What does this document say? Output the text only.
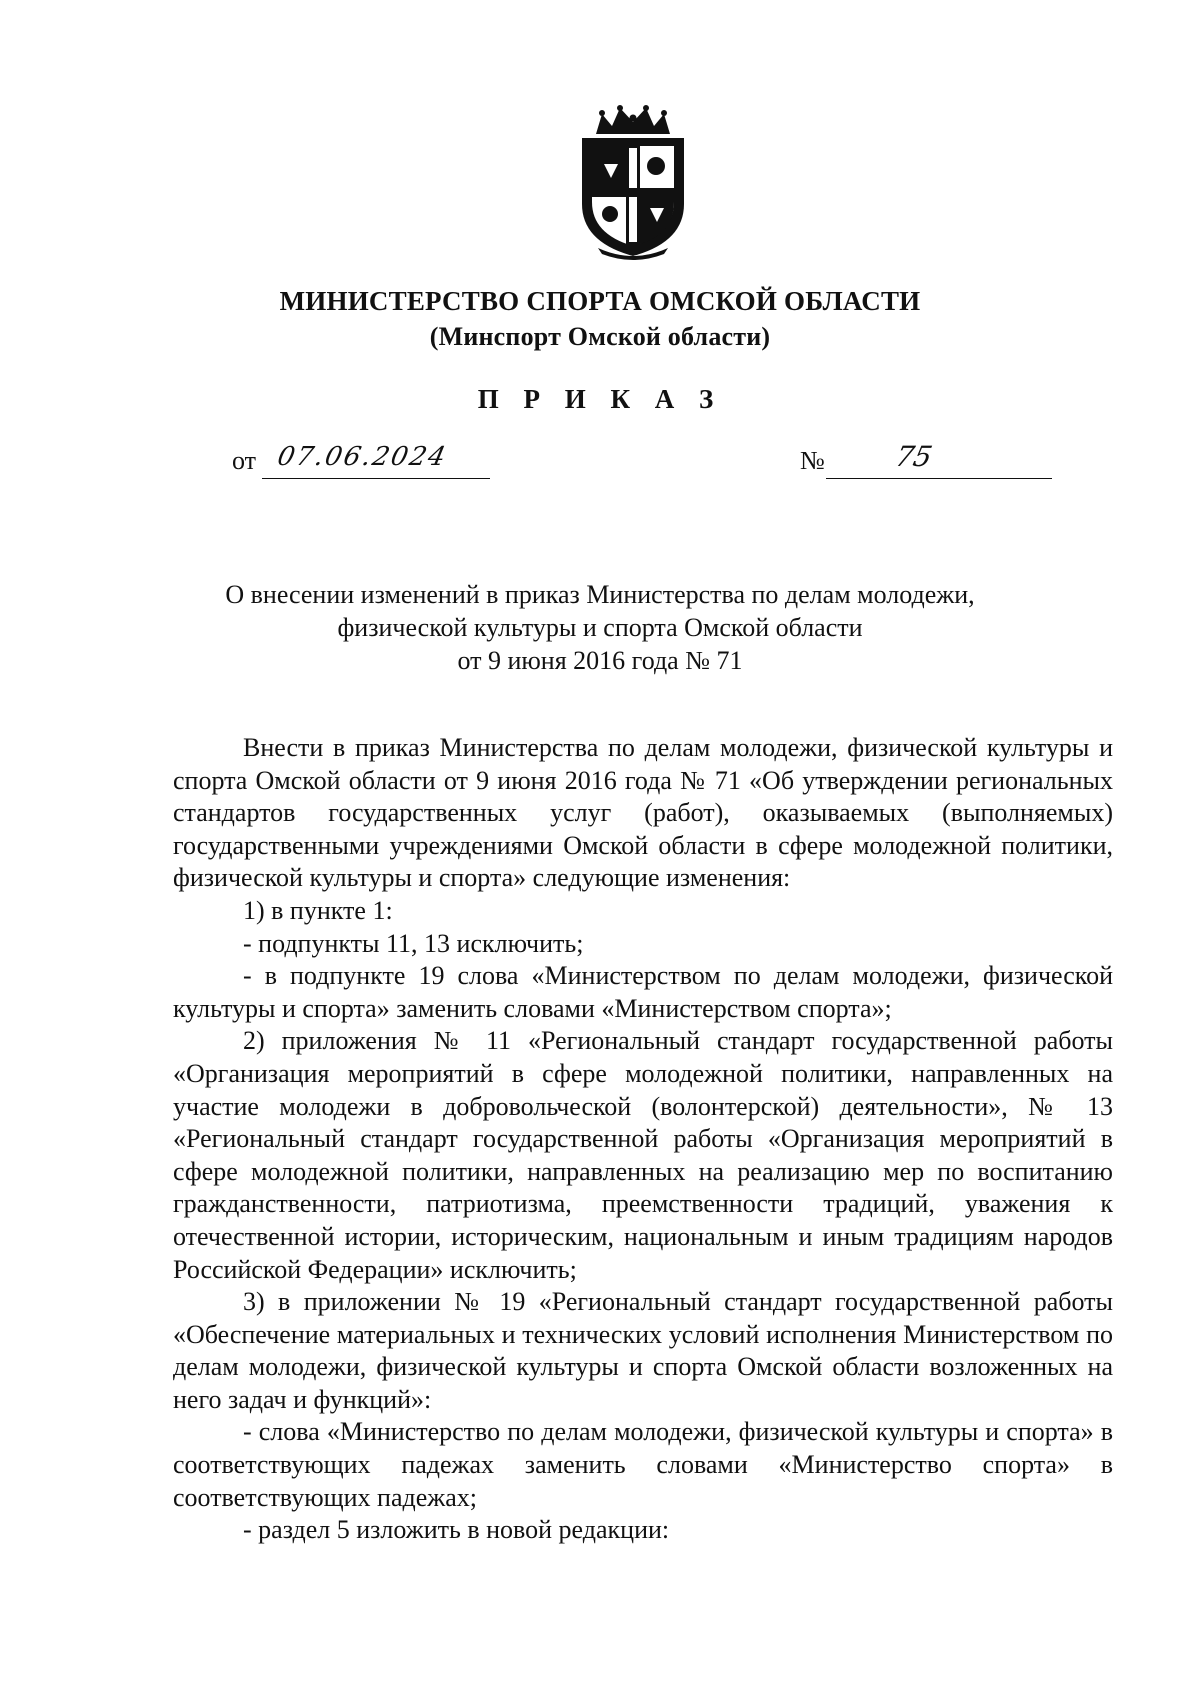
МИНИСТЕРСТВО СПОРТА ОМСКОЙ ОБЛАСТИ
(Минспорт Омской области)
П Р И К А З
от 07.06.2024	№ 75
О внесении изменений в приказ Министерства по делам молодежи,
физической культуры и спорта Омской области
от 9 июня 2016 года № 71

Внести в приказ Министерства по делам молодежи, физической культуры и спорта Омской области от 9 июня 2016 года № 71 «Об утверждении региональных стандартов государственных услуг (работ), оказываемых (выполняемых) государственными учреждениями Омской области в сфере молодежной политики, физической культуры и спорта» следующие изменения:

1) в пункте 1:

- подпункты 11, 13 исключить;

- в подпункте 19 слова «Министерством по делам молодежи, физической культуры и спорта» заменить словами «Министерством спорта»;

2) приложения № 11 «Региональный стандарт государственной работы «Организация мероприятий в сфере молодежной политики, направленных на участие молодежи в добровольческой (волонтерской) деятельности», № 13 «Региональный стандарт государственной работы «Организация мероприятий в сфере молодежной политики, направленных на реализацию мер по воспитанию гражданственности, патриотизма, преемственности традиций, уважения к отечественной истории, историческим, национальным и иным традициям народов Российской Федерации» исключить;

3) в приложении № 19 «Региональный стандарт государственной работы «Обеспечение материальных и технических условий исполнения Министерством по делам молодежи, физической культуры и спорта Омской области возложенных на него задач и функций»:

- слова «Министерство по делам молодежи, физической культуры и спорта» в соответствующих падежах заменить словами «Министерство спорта» в соответствующих падежах;

- раздел 5 изложить в новой редакции:
